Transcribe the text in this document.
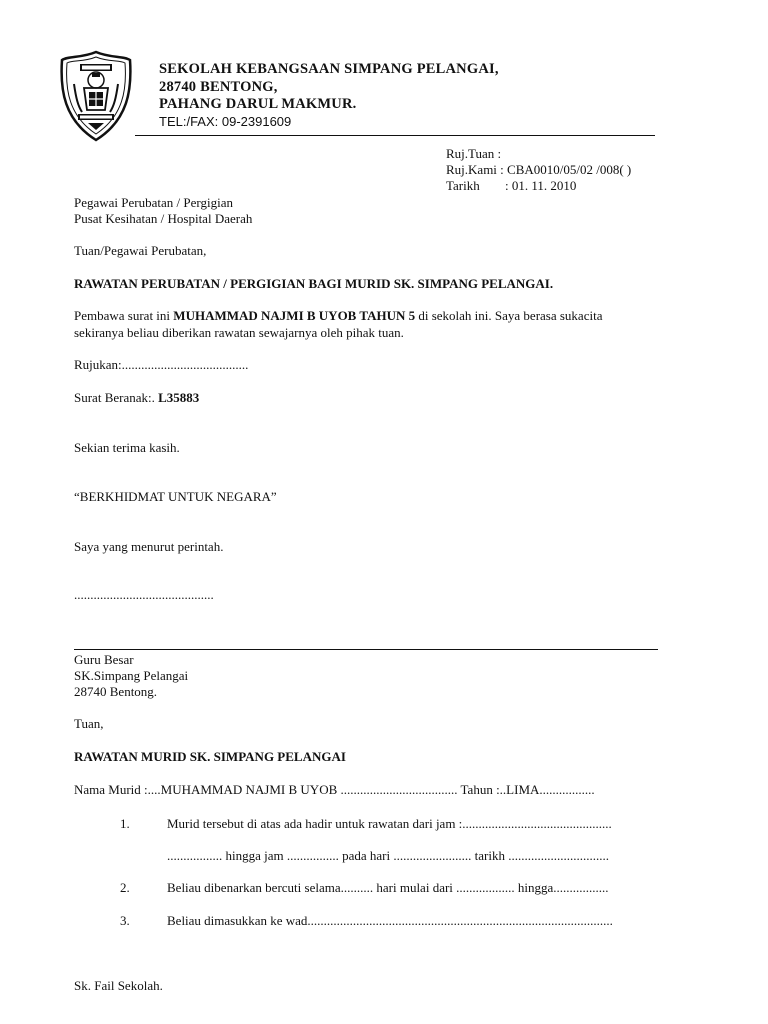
SEKOLAH KEBANGSAAN SIMPANG PELANGAI,
28740 BENTONG,
PAHANG DARUL MAKMUR.
TEL:/FAX: 09-2391609
Ruj.Tuan :
Ruj.Kami : CBA0010/05/02 /008( )
Tarikh : 01. 11. 2010
Pegawai Perubatan / Pergigian
Pusat Kesihatan / Hospital Daerah
Tuan/Pegawai Perubatan,
RAWATAN PERUBATAN / PERGIGIAN BAGI MURID SK. SIMPANG PELANGAI.
Pembawa surat ini MUHAMMAD NAJMI B UYOB TAHUN 5 di sekolah ini. Saya berasa sukacita
sekiranya beliau diberikan rawatan sewajarnya oleh pihak tuan.
Rujukan:.......................................
Surat Beranak:. L35883
Sekian terima kasih.
“BERKHIDMAT UNTUK NEGARA”
Saya yang menurut perintah.
...........................................
Guru Besar
SK.Simpang Pelangai
28740 Bentong.
Tuan,
RAWATAN MURID SK. SIMPANG PELANGAI
Nama Murid :....MUHAMMAD NAJMI B UYOB .................................... Tahun :..LIMA.................
1.	Murid tersebut di atas ada hadir untuk rawatan dari jam :..............................................
................. hingga jam ................ pada hari ........................ tarikh ...............................
2.	Beliau dibenarkan bercuti selama.......... hari mulai dari .................. hingga.................
3.	Beliau dimasukkan ke wad..............................................................................................
Sk. Fail Sekolah.
